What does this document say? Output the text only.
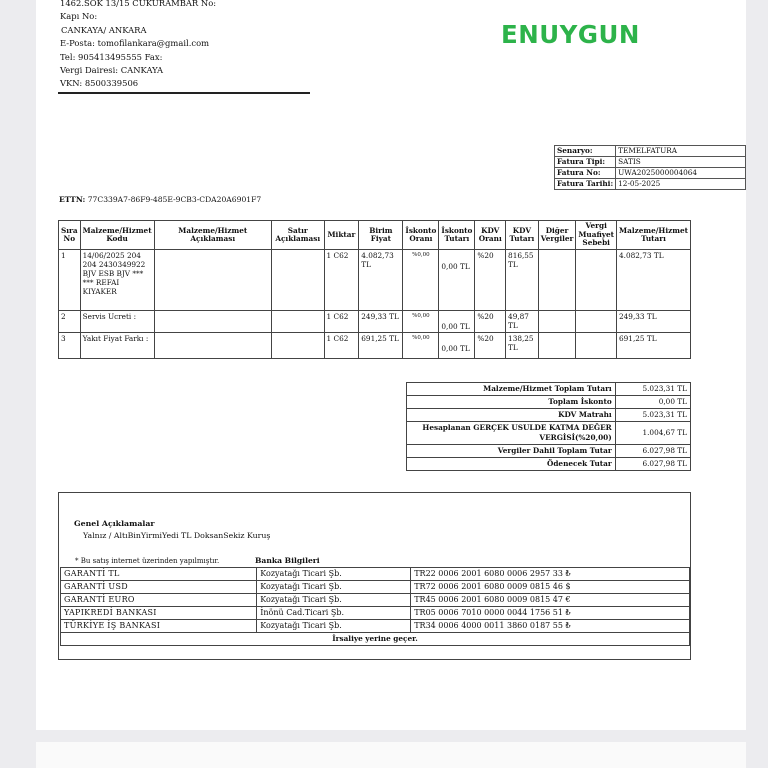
1462.SOK 13/15 CUKURAMBAR No:
Kapı No:
CANKAYA/ ANKARA
E-Posta: tomofilankara@gmail.com
Tel: 905413495555 Fax:
Vergi Dairesi: CANKAYA
VKN: 8500339506
ENUYGUN
Senaryo:	TEMELFATURA
Fatura Tipi:	SATIS
Fatura No:	UWA2025000004064
Fatura Tarihi:	12-05-2025
ETTN: 77C339A7-86F9-485E-9CB3-CDA20A6901F7
Sıra No	Malzeme/Hizmet Kodu	Malzeme/Hizmet Açıklaması	Satır Açıklaması	Miktar	Birim Fiyat	İskonto Oranı	İskonto Tutarı	KDV Oranı	KDV Tutarı	Diğer Vergiler	Vergi Muafiyet Sebebi	Malzeme/Hizmet Tutarı
1	14/06/2025 204 204 2430349922 BJV ESB BJV *** *** REFAI KIYAKER			1 C62	4.082,73 TL	%0,00	0,00 TL	%20	816,55 TL			4.082,73 TL
2	Servis Ucreti :			1 C62	249,33 TL	%0,00	0,00 TL	%20	49,87 TL			249,33 TL
3	Yakıt Fiyat Farkı :			1 C62	691,25 TL	%0,00	0,00 TL	%20	138,25 TL			691,25 TL
Malzeme/Hizmet Toplam Tutarı	5.023,31 TL
Toplam İskonto	0,00 TL
KDV Matrahı	5.023,31 TL
Hesaplanan GERÇEK USULDE KATMA DEĞER VERGİSİ(%20,00)	1.004,67 TL
Vergiler Dahil Toplam Tutar	6.027,98 TL
Ödenecek Tutar	6.027,98 TL
Genel Açıklamalar
Yalnız / AltıBinYirmiYedi TL DoksanSekiz Kuruş
* Bu satış internet üzerinden yapılmıştır.	Banka Bilgileri
GARANTİ TL	Kozyatağı Ticari Şb.	TR22 0006 2001 6080 0006 2957 33 ₺
GARANTİ USD	Kozyatağı Ticari Şb.	TR72 0006 2001 6080 0009 0815 46 $
GARANTİ EURO	Kozyatağı Ticari Şb.	TR45 0006 2001 6080 0009 0815 47 €
YAPIKREDİ BANKASI	İnönü Cad.Ticari Şb.	TR05 0006 7010 0000 0044 1756 51 ₺
TÜRKİYE İŞ BANKASI	Kozyatağı Ticari Şb.	TR34 0006 4000 0011 3860 0187 55 ₺
İrsaliye yerine geçer.		
